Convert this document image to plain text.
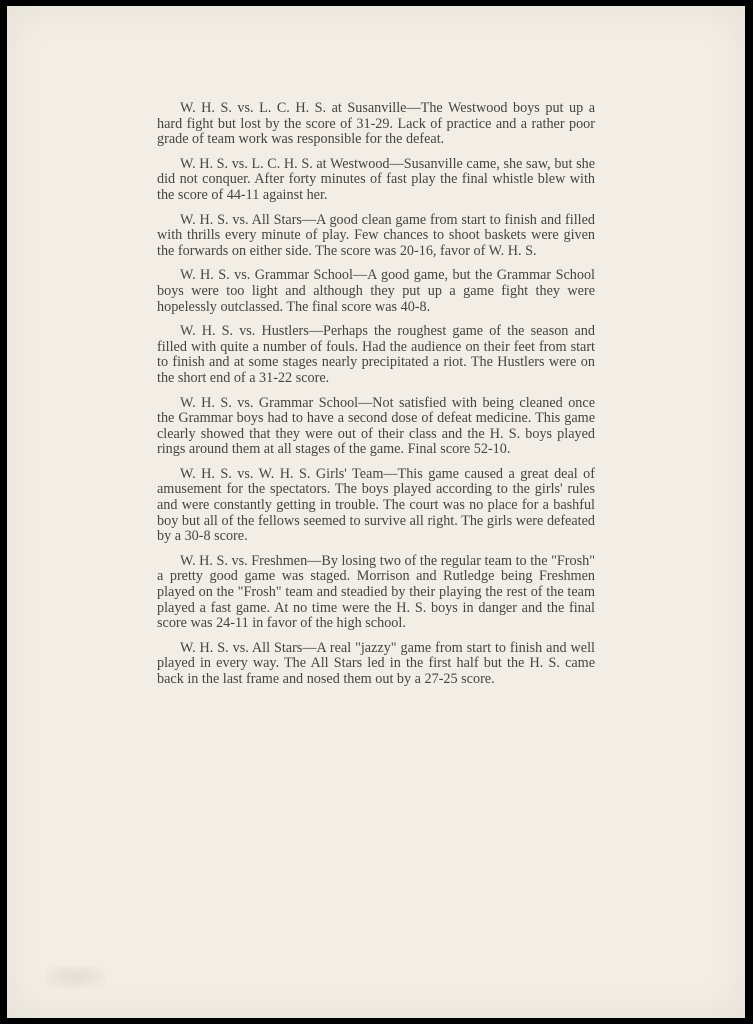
W. H. S. vs. L. C. H. S. at Susanville—The Westwood boys put up a hard fight but lost by the score of 31-29. Lack of practice and a rather poor grade of team work was responsible for the defeat.

W. H. S. vs. L. C. H. S. at Westwood—Susanville came, she saw, but she did not conquer. After forty minutes of fast play the final whistle blew with the score of 44-11 against her.

W. H. S. vs. All Stars—A good clean game from start to finish and filled with thrills every minute of play. Few chances to shoot baskets were given the forwards on either side. The score was 20-16, favor of W. H. S.

W. H. S. vs. Grammar School—A good game, but the Grammar School boys were too light and although they put up a game fight they were hopelessly outclassed. The final score was 40-8.

W. H. S. vs. Hustlers—Perhaps the roughest game of the season and filled with quite a number of fouls. Had the audience on their feet from start to finish and at some stages nearly precipitated a riot. The Hustlers were on the short end of a 31-22 score.

W. H. S. vs. Grammar School—Not satisfied with being cleaned once the Grammar boys had to have a second dose of defeat medicine. This game clearly showed that they were out of their class and the H. S. boys played rings around them at all stages of the game. Final score 52-10.

W. H. S. vs. W. H. S. Girls' Team—This game caused a great deal of amusement for the spectators. The boys played according to the girls' rules and were constantly getting in trouble. The court was no place for a bashful boy but all of the fellows seemed to survive all right. The girls were defeated by a 30-8 score.

W. H. S. vs. Freshmen—By losing two of the regular team to the "Frosh" a pretty good game was staged. Morrison and Rutledge being Freshmen played on the "Frosh" team and steadied by their playing the rest of the team played a fast game. At no time were the H. S. boys in danger and the final score was 24-11 in favor of the high school.

W. H. S. vs. All Stars—A real "jazzy" game from start to finish and well played in every way. The All Stars led in the first half but the H. S. came back in the last frame and nosed them out by a 27-25 score.
